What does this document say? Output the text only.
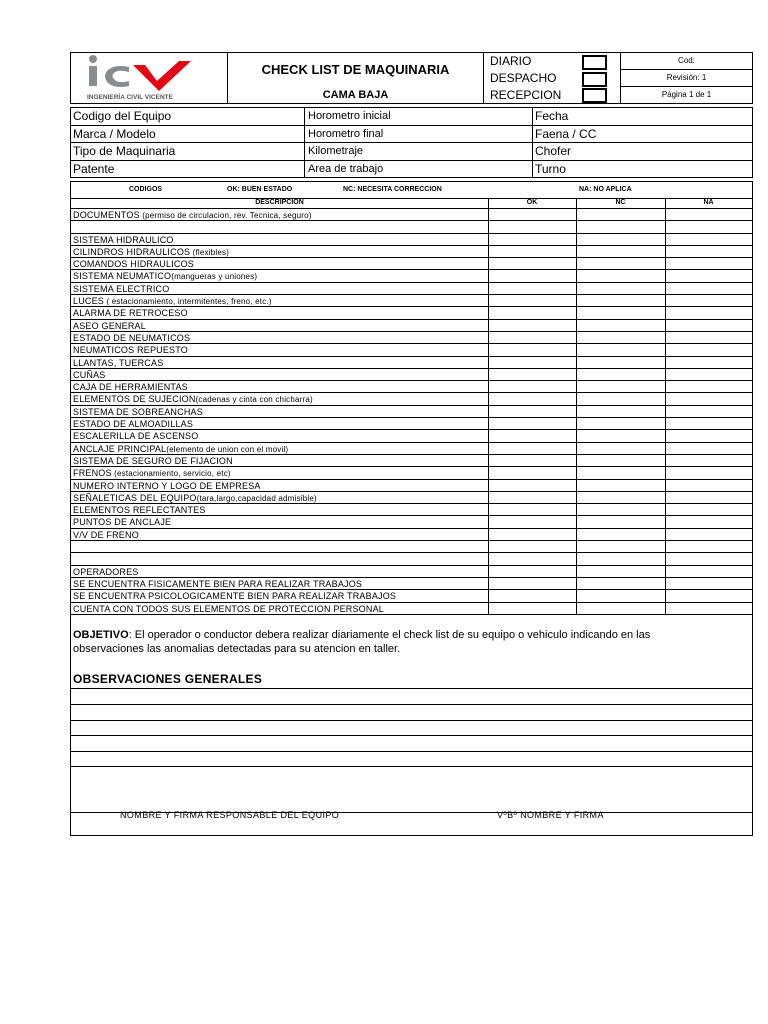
INGENIERÍA CIVIL VICENTE
CHECK LIST DE MAQUINARIA
CAMA BAJA
DIARIO
DESPACHO
RECEPCION
Cod:
Revisión: 1
Página 1 de 1
Codigo del Equipo	Horometro inicial	Fecha
Marca / Modelo	Horometro final	Faena / CC
Tipo de Maquinaria	Kilometraje	Chofer
Patente	Area de trabajo	Turno
CODIGOS	OK: BUEN ESTADO	NC: NECESITA CORRECCION	NA: NO APLICA
DESCRIPCION	OK	NC	NA
DOCUMENTOS (permiso de circulacion, rev. Tecnica, seguro)
SISTEMA HIDRAULICO
CILINDROS HIDRAULICOS (flexibles)
COMANDOS HIDRAULICOS
SISTEMA NEUMATICO(mangueras y uniones)
SISTEMA ELECTRICO
LUCES ( estacionamiento, intermitentes, freno, etc.)
ALARMA DE RETROCESO
ASEO GENERAL
ESTADO DE NEUMATICOS
NEUMATICOS REPUESTO
LLANTAS, TUERCAS
CUÑAS
CAJA DE HERRAMIENTAS
ELEMENTOS DE SUJECION(cadenas y cinta con chicharra)
SISTEMA DE SOBREANCHAS
ESTADO DE ALMOADILLAS
ESCALERILLA DE ASCENSO
ANCLAJE PRINCIPAL(elemento de union con el movil)
SISTEMA DE SEGURO DE FIJACION
FRENOS (estacionamiento, servicio, etc)
NUMERO INTERNO Y LOGO DE EMPRESA
SEÑALETICAS DEL EQUIPO(tara,largo,capacidad admisible)
ELEMENTOS REFLECTANTES
PUNTOS DE ANCLAJE
V/V DE FRENO
OPERADORES
SE ENCUENTRA FISICAMENTE BIEN PARA REALIZAR TRABAJOS
SE ENCUENTRA PSICOLOGICAMENTE BIEN PARA REALIZAR TRABAJOS
CUENTA CON TODOS SUS ELEMENTOS DE PROTECCION PERSONAL
OBJETIVO: El operador o conductor debera realizar diariamente el check list de su equipo o vehiculo indicando en las observaciones las anomalias detectadas para su atencion en taller.
OBSERVACIONES GENERALES
NOMBRE Y FIRMA RESPONSABLE DEL EQUIPO	VºBº NOMBRE Y FIRMA
